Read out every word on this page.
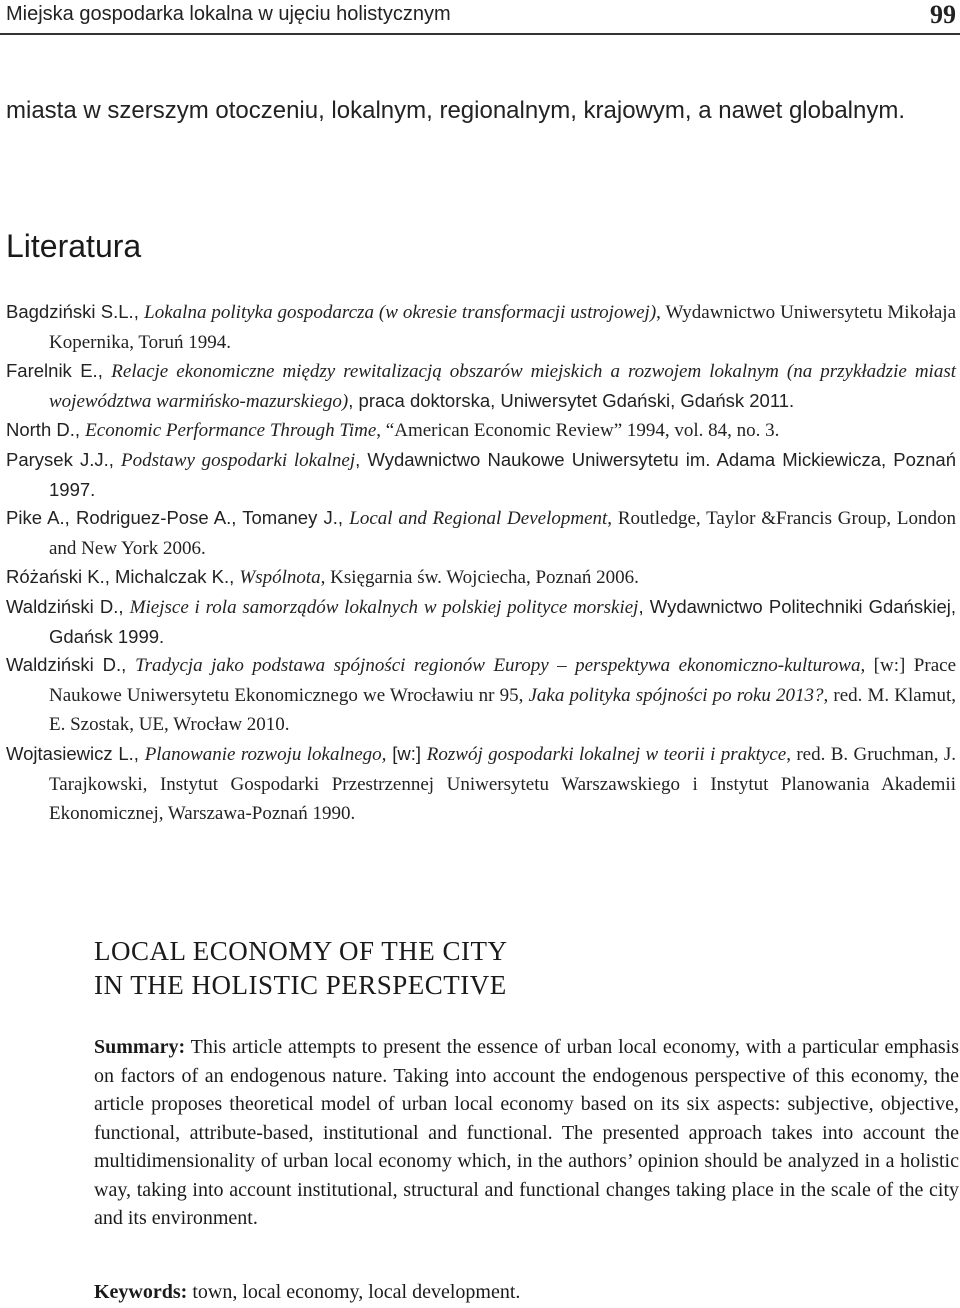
Miejska gospodarka lokalna w ujęciu holistycznym	99

miasta w szerszym otoczeniu, lokalnym, regionalnym, krajowym, a nawet globalnym.

Literatura

Bagdziński S.L., Lokalna polityka gospodarcza (w okresie transformacji ustrojowej), Wydawnictwo Uniwersytetu Mikołaja Kopernika, Toruń 1994.

Farelnik E., Relacje ekonomiczne między rewitalizacją obszarów miejskich a rozwojem lokalnym (na przykładzie miast województwa warmińsko-mazurskiego), praca doktorska, Uniwersytet Gdański, Gdańsk 2011.

North D., Economic Performance Through Time, “American Economic Review” 1994, vol. 84, no. 3.

Parysek J.J., Podstawy gospodarki lokalnej, Wydawnictwo Naukowe Uniwersytetu im. Adama Mickiewicza, Poznań 1997.

Pike A., Rodriguez-Pose A., Tomaney J., Local and Regional Development, Routledge, Taylor &Francis Group, London and New York 2006.

Różański K., Michalczak K., Wspólnota, Księgarnia św. Wojciecha, Poznań 2006.

Waldziński D., Miejsce i rola samorządów lokalnych w polskiej polityce morskiej, Wydawnictwo Politechniki Gdańskiej, Gdańsk 1999.

Waldziński D., Tradycja jako podstawa spójności regionów Europy – perspektywa ekonomiczno-kulturowa, [w:] Prace Naukowe Uniwersytetu Ekonomicznego we Wrocławiu nr 95, Jaka polityka spójności po roku 2013?, red. M. Klamut, E. Szostak, UE, Wrocław 2010.

Wojtasiewicz L., Planowanie rozwoju lokalnego, [w:] Rozwój gospodarki lokalnej w teorii i praktyce, red. B. Gruchman, J. Tarajkowski, Instytut Gospodarki Przestrzennej Uniwersytetu Warszawskiego i Instytut Planowania Akademii Ekonomicznej, Warszawa-Poznań 1990.

LOCAL ECONOMY OF THE CITY
IN THE HOLISTIC PERSPECTIVE

Summary: This article attempts to present the essence of urban local economy, with a particular emphasis on factors of an endogenous nature. Taking into account the endogenous perspective of this economy, the article proposes theoretical model of urban local economy based on its six aspects: subjective, objective, functional, attribute-based, institutional and functional. The presented approach takes into account the multidimensionality of urban local economy which, in the authors’ opinion should be analyzed in a holistic way, taking into account institutional, structural and functional changes taking place in the scale of the city and its environment.

Keywords: town, local economy, local development.
